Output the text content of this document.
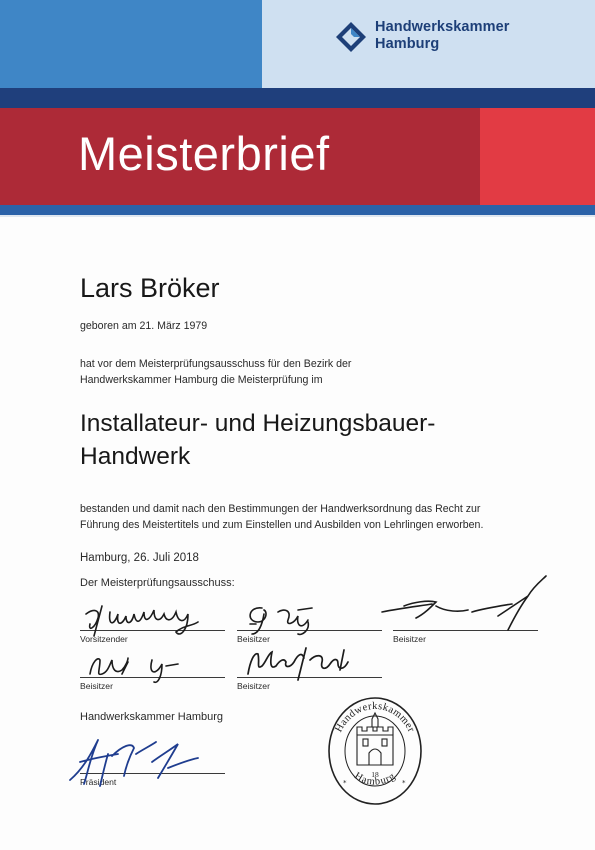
Handwerkskammer
Hamburg
Meisterbrief
Lars Bröker
geboren am 21. März 1979
hat vor dem Meisterprüfungsausschuss für den Bezirk der
Handwerkskammer Hamburg die Meisterprüfung im
Installateur- und Heizungsbauer-
Handwerk
bestanden und damit nach den Bestimmungen der Handwerksordnung das Recht zur
Führung des Meistertitels und zum Einstellen und Ausbilden von Lehrlingen erworben.
Hamburg, 26. Juli 2018
Der Meisterprüfungsausschuss:
Vorsitzender	Beisitzer	Beisitzer
Beisitzer	Beisitzer
Handwerkskammer Hamburg
Präsident
Handwerkskammer
Hamburg
18
*	*
